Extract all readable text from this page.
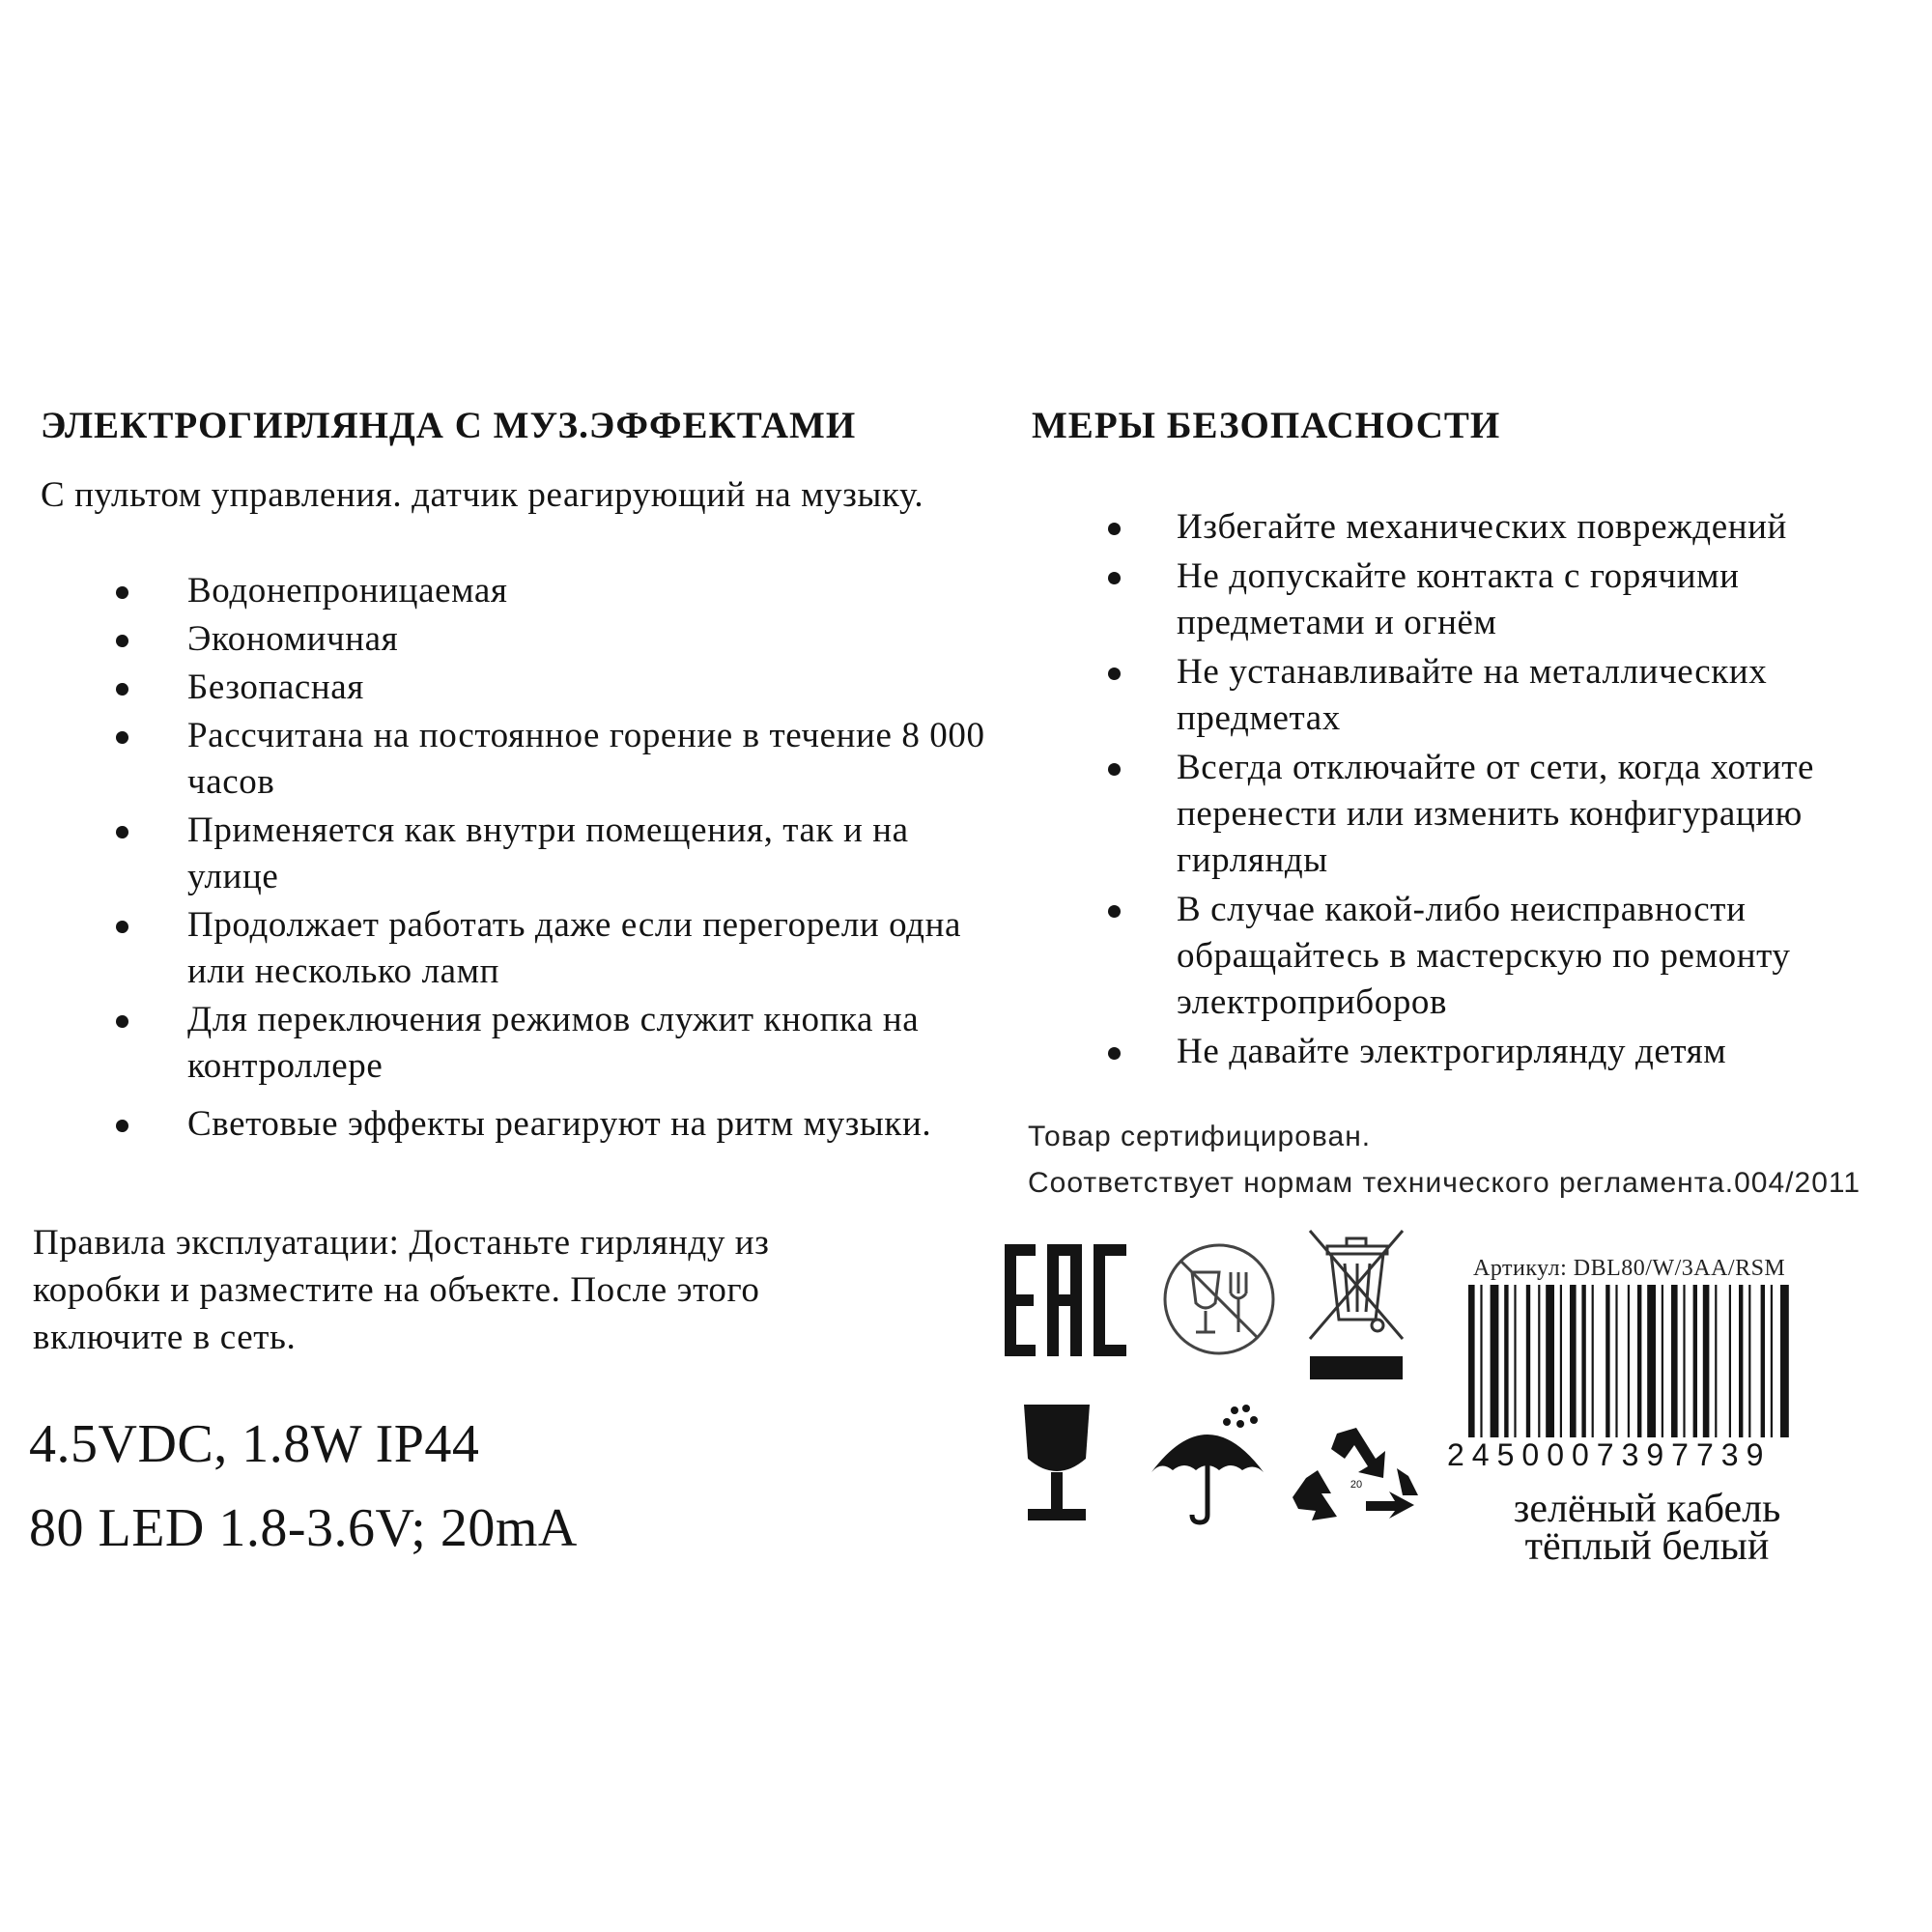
ЭЛЕКТРОГИРЛЯНДА С МУЗ.ЭФФЕКТАМИ

С пультом управления. датчик реагирующий на музыку.

Водонепроницаемая
Экономичная
Безопасная
Рассчитана на постоянное горение в течение 8 000 часов
Применяется как внутри помещения, так и на улице
Продолжает работать даже если перегорели одна или несколько ламп
Для переключения режимов служит кнопка на контроллере
Световые эффекты реагируют на ритм музыки.

Правила эксплуатации: Достаньте гирлянду из коробки и разместите на объекте. После этого включите в сеть.

4.5VDC, 1.8W IP44

80 LED 1.8-3.6V; 20mA

МЕРЫ БЕЗОПАСНОСТИ
Избегайте механических повреждений
Не допускайте контакта с горячими предметами и огнём
Не устанавливайте на металлических предметах
Всегда отключайте от сети, когда хотите перенести или изменить конфигурацию гирлянды
В случае какой-либо неисправности обращайтесь в мастерскую по ремонту электроприборов
Не давайте электрогирлянду детям

Товар сертифицирован.

Соответствует нормам технического регламента.004/2011

20

Артикул: DBL80/W/3AA/RSM

2450007397739

зелёный кабель

тёплый белый
